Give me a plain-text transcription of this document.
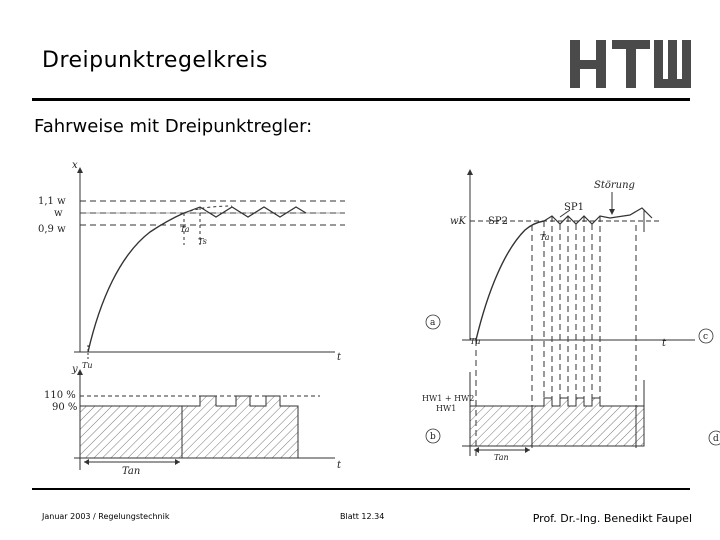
Dreipunktregelkreis
Fahrweise mit Dreipunktregler:
x
1,1 w
w
0,9 w
t
Tu
Ta
Ts
y
110 %
90 %
t
Tan
wK SP2
SP1
Störung
Tu
Ta
t
a
b
c
d
HW1 + HW2
HW1
Tan
Januar 2003 / Regelungstechnik	Blatt 12.34	Prof. Dr.-Ing. Benedikt Faupel
